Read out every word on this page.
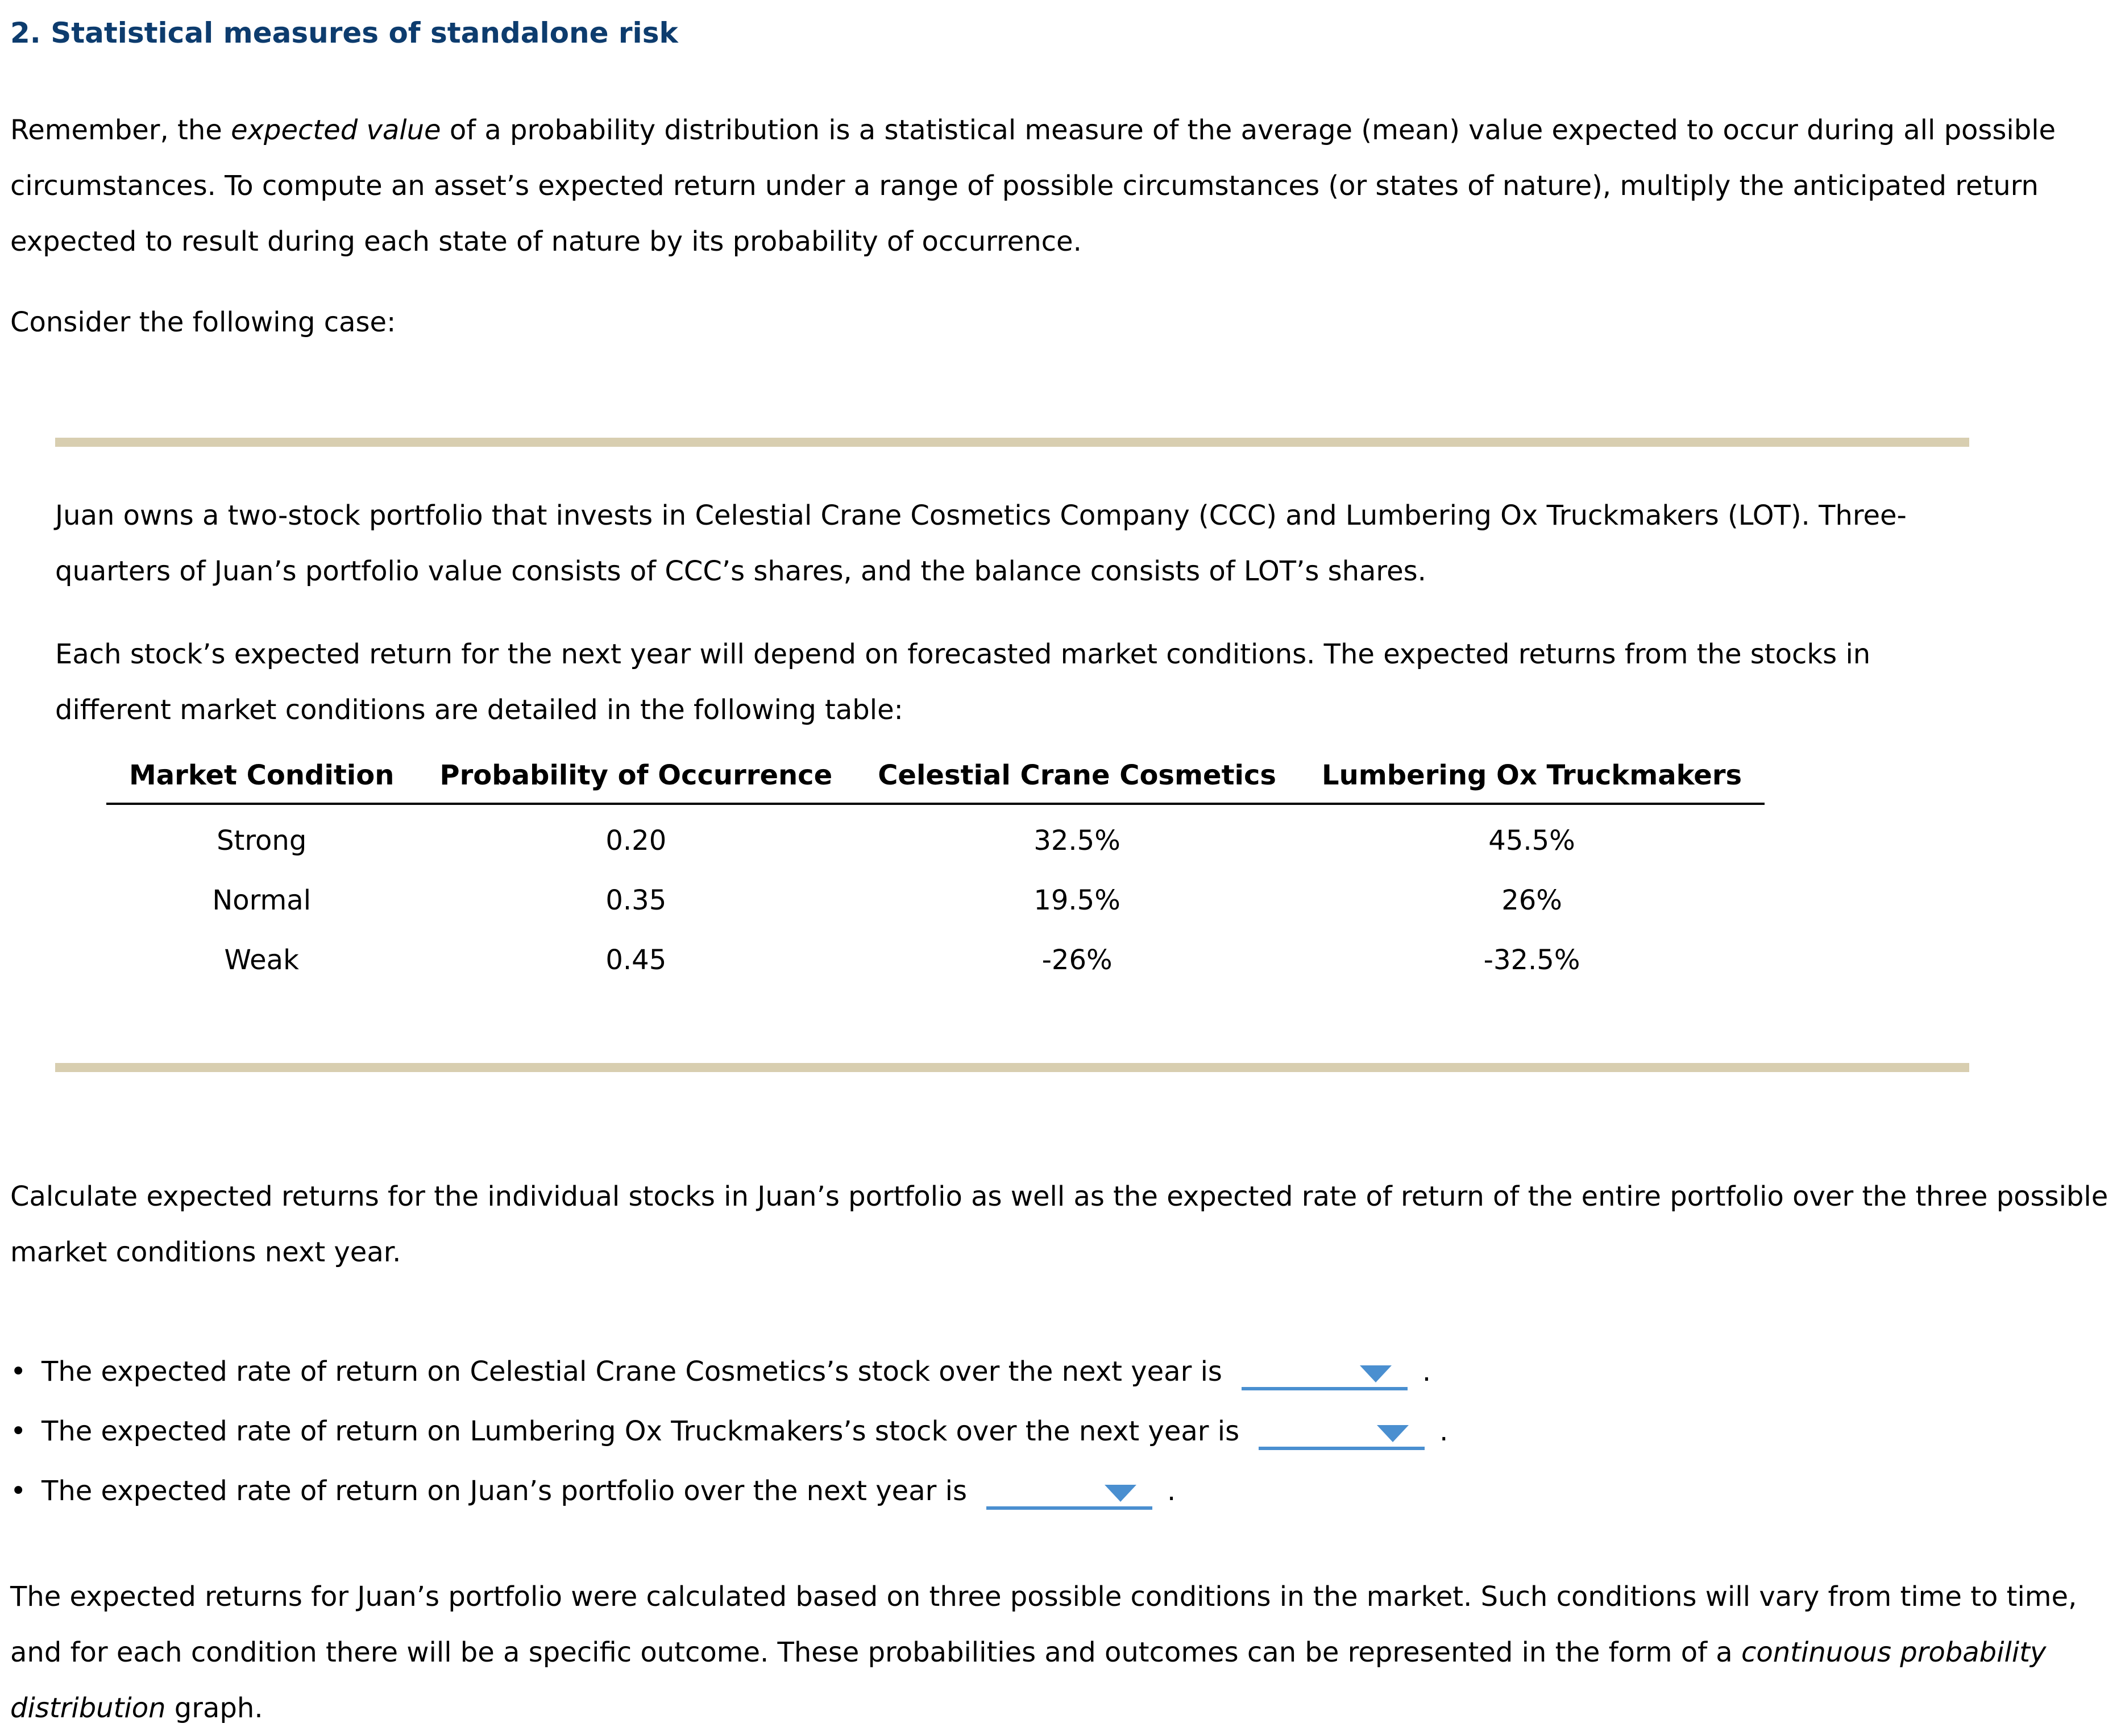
2. Statistical measures of standalone risk

Remember, the expected value of a probability distribution is a statistical measure of the average (mean) value expected to occur during all possible circumstances. To compute an asset’s expected return under a range of possible circumstances (or states of nature), multiply the anticipated return expected to result during each state of nature by its probability of occurrence.

Consider the following case:

Juan owns a two-stock portfolio that invests in Celestial Crane Cosmetics Company (CCC) and Lumbering Ox Truckmakers (LOT). Three-quarters of Juan’s portfolio value consists of CCC’s shares, and the balance consists of LOT’s shares.

Each stock’s expected return for the next year will depend on forecasted market conditions. The expected returns from the stocks in different market conditions are detailed in the following table:

Market Condition	Probability of Occurrence	Celestial Crane Cosmetics	Lumbering Ox Truckmakers
Strong	0.20	32.5%	45.5%
Normal	0.35	19.5%	26%
Weak	0.45	-26%	-32.5%

Calculate expected returns for the individual stocks in Juan’s portfolio as well as the expected rate of return of the entire portfolio over the three possible market conditions next year.

• The expected rate of return on Celestial Crane Cosmetics’s stock over the next year is	.
• The expected rate of return on Lumbering Ox Truckmakers’s stock over the next year is	.
• The expected rate of return on Juan’s portfolio over the next year is	.

The expected returns for Juan’s portfolio were calculated based on three possible conditions in the market. Such conditions will vary from time to time, and for each condition there will be a specific outcome. These probabilities and outcomes can be represented in the form of a continuous probability distribution graph.
